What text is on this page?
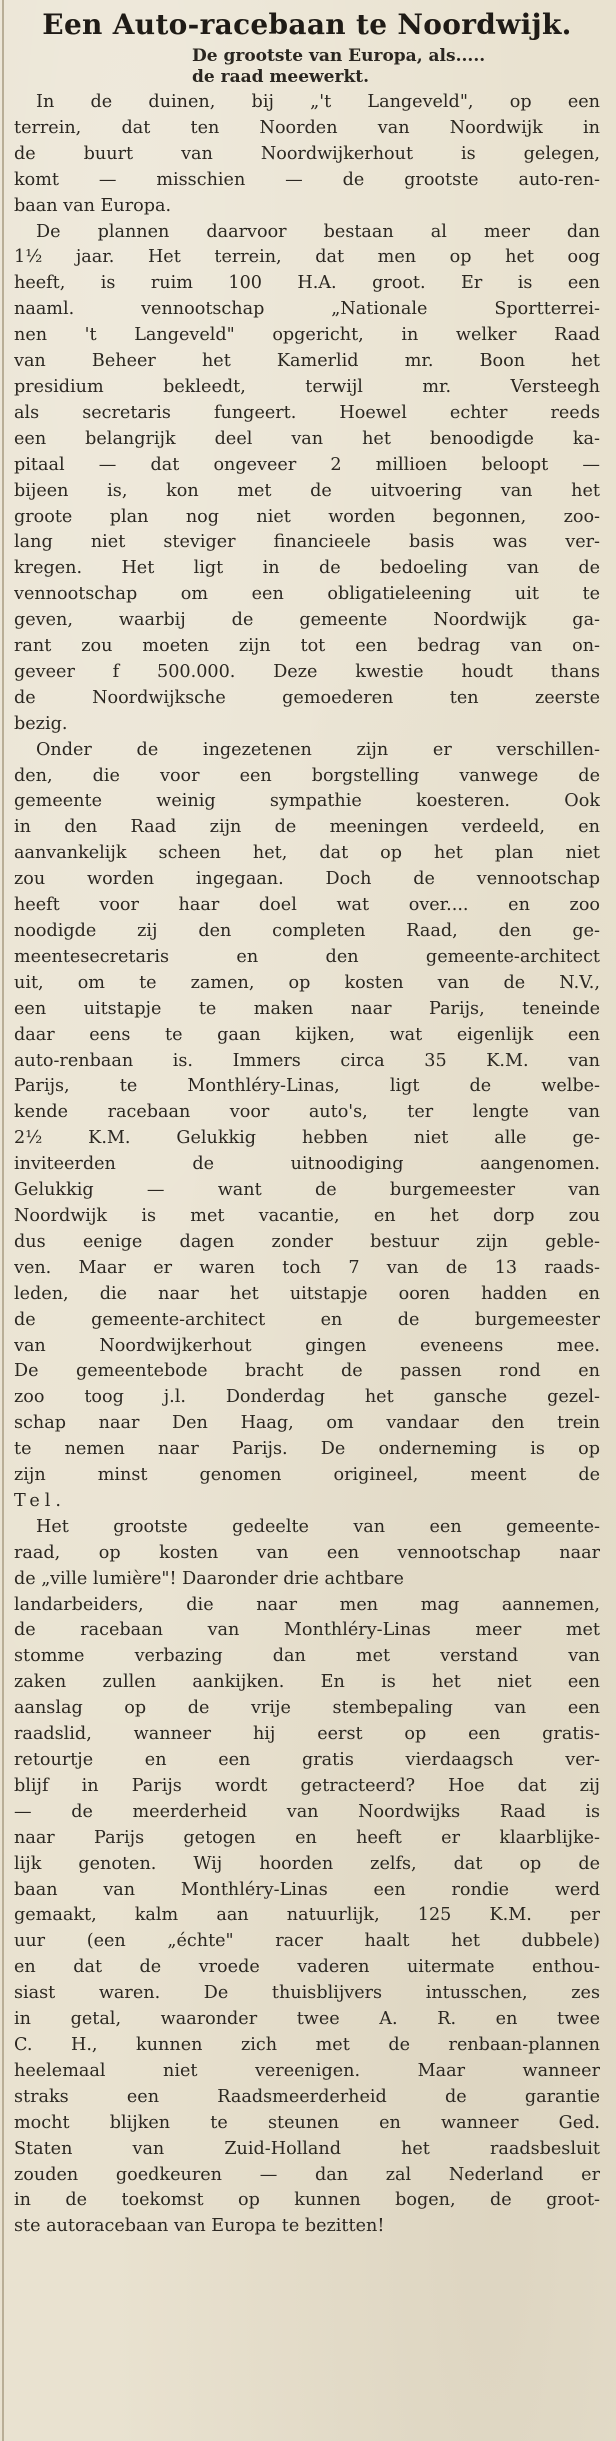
Een Auto-racebaan te Noordwijk.
De grootste van Europa, als.....
de raad meewerkt.
In de duinen, bij „'t Langeveld", op een
terrein, dat ten Noorden van Noordwijk in
de buurt van Noordwijkerhout is gelegen,
komt — misschien — de grootste auto-ren-
baan van Europa.
De plannen daarvoor bestaan al meer dan
1½ jaar. Het terrein, dat men op het oog
heeft, is ruim 100 H.A. groot. Er is een
naaml. vennootschap „Nationale Sportterrei-
nen 't Langeveld" opgericht, in welker Raad
van Beheer het Kamerlid mr. Boon het
presidium bekleedt, terwijl mr. Versteegh
als secretaris fungeert. Hoewel echter reeds
een belangrijk deel van het benoodigde ka-
pitaal — dat ongeveer 2 millioen beloopt —
bijeen is, kon met de uitvoering van het
groote plan nog niet worden begonnen, zoo-
lang niet steviger financieele basis was ver-
kregen. Het ligt in de bedoeling van de
vennootschap om een obligatieleening uit te
geven, waarbij de gemeente Noordwijk ga-
rant zou moeten zijn tot een bedrag van on-
geveer f 500.000. Deze kwestie houdt thans
de Noordwijksche gemoederen ten zeerste
bezig.
Onder de ingezetenen zijn er verschillen-
den, die voor een borgstelling vanwege de
gemeente weinig sympathie koesteren. Ook
in den Raad zijn de meeningen verdeeld, en
aanvankelijk scheen het, dat op het plan niet
zou worden ingegaan. Doch de vennootschap
heeft voor haar doel wat over.... en zoo
noodigde zij den completen Raad, den ge-
meentesecretaris en den gemeente-architect
uit, om te zamen, op kosten van de N.V.,
een uitstapje te maken naar Parijs, teneinde
daar eens te gaan kijken, wat eigenlijk een
auto-renbaan is. Immers circa 35 K.M. van
Parijs, te Monthléry-Linas, ligt de welbe-
kende racebaan voor auto's, ter lengte van
2½ K.M. Gelukkig hebben niet alle ge-
inviteerden de uitnoodiging aangenomen.
Gelukkig — want de burgemeester van
Noordwijk is met vacantie, en het dorp zou
dus eenige dagen zonder bestuur zijn geble-
ven. Maar er waren toch 7 van de 13 raads-
leden, die naar het uitstapje ooren hadden en
de gemeente-architect en de burgemeester
van Noordwijkerhout gingen eveneens mee.
De gemeentebode bracht de passen rond en
zoo toog j.l. Donderdag het gansche gezel-
schap naar Den Haag, om vandaar den trein
te nemen naar Parijs. De onderneming is op
zijn minst genomen origineel, meent de
Tel.
Het grootste gedeelte van een gemeente-
raad, op kosten van een vennootschap naar
de „ville lumière"! Daaronder drie achtbare
landarbeiders, die naar men mag aannemen,
de racebaan van Monthléry-Linas meer met
stomme verbazing dan met verstand van
zaken zullen aankijken. En is het niet een
aanslag op de vrije stembepaling van een
raadslid, wanneer hij eerst op een gratis-
retourtje en een gratis vierdaagsch ver-
blijf in Parijs wordt getracteerd? Hoe dat zij
— de meerderheid van Noordwijks Raad is
naar Parijs getogen en heeft er klaarblijke-
lijk genoten. Wij hoorden zelfs, dat op de
baan van Monthléry-Linas een rondie werd
gemaakt, kalm aan natuurlijk, 125 K.M. per
uur (een „échte" racer haalt het dubbele)
en dat de vroede vaderen uitermate enthou-
siast waren. De thuisblijvers intusschen, zes
in getal, waaronder twee A. R. en twee
C. H., kunnen zich met de renbaan-plannen
heelemaal niet vereenigen. Maar wanneer
straks een Raadsmeerderheid de garantie
mocht blijken te steunen en wanneer Ged.
Staten van Zuid-Holland het raadsbesluit
zouden goedkeuren — dan zal Nederland er
in de toekomst op kunnen bogen, de groot-
ste autoracebaan van Europa te bezitten!
